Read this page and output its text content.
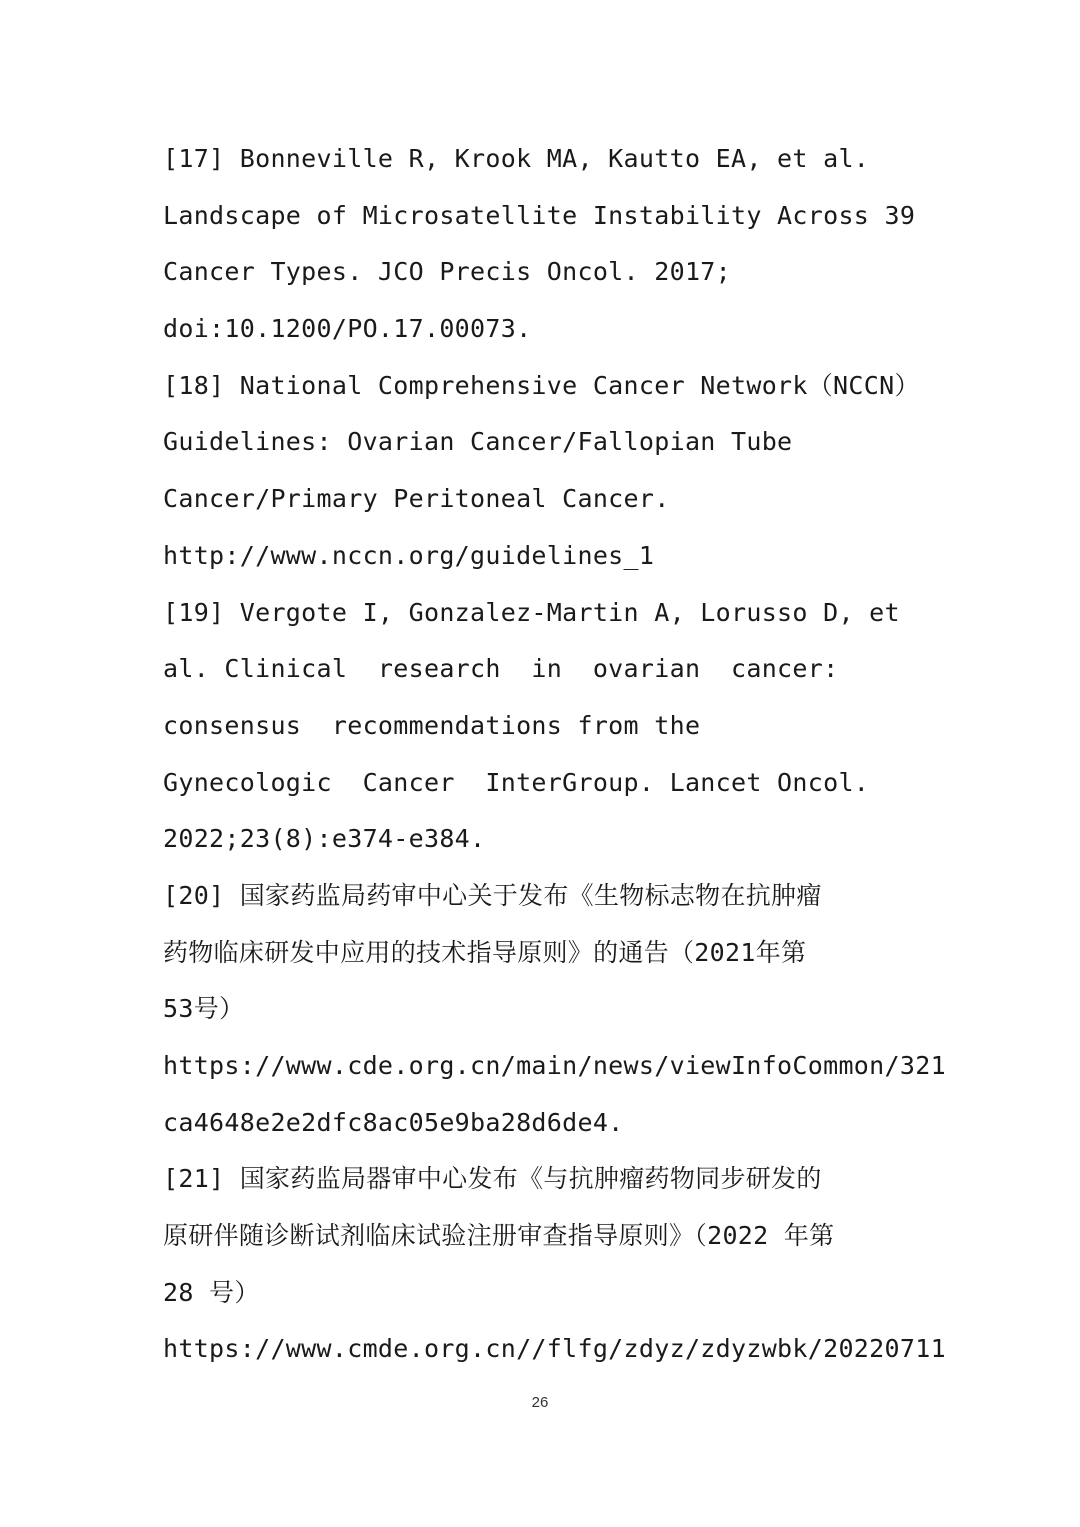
[17] Bonneville R, Krook MA, Kautto EA, et al.
Landscape of Microsatellite Instability Across 39
Cancer Types. JCO Precis Oncol. 2017;
doi:10.1200/PO.17.00073.
[18] National Comprehensive Cancer Network（NCCN）
Guidelines: Ovarian Cancer/Fallopian Tube
Cancer/Primary Peritoneal Cancer.
http://www.nccn.org/guidelines_1
[19] Vergote I, Gonzalez-Martin A, Lorusso D, et
al. Clinical  research  in  ovarian  cancer:
consensus  recommendations from the
Gynecologic  Cancer  InterGroup. Lancet Oncol.
2022;23(8):e374-e384.
[20] 国家药监局药审中心关于发布《生物标志物在抗肿瘤
药物临床研发中应用的技术指导原则》的通告（2021年第
53号）
https://www.cde.org.cn/main/news/viewInfoCommon/321
ca4648e2e2dfc8ac05e9ba28d6de4.
[21] 国家药监局器审中心发布《与抗肿瘤药物同步研发的
原研伴随诊断试剂临床试验注册审查指导原则》（2022 年第
28 号）
https://www.cmde.org.cn//flfg/zdyz/zdyzwbk/20220711
26
